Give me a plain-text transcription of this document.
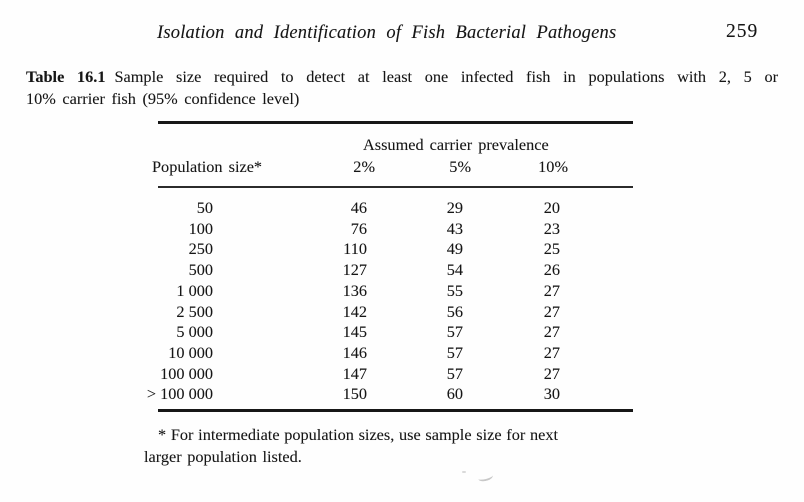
Isolation and Identification of Fish Bacterial Pathogens	259
Table 16.1 Sample size required to detect at least one infected fish in populations with 2, 5 or
10% carrier fish (95% confidence level)
Assumed carrier prevalence
Population size*	2%	5%	10%
50	46	29	20
100	76	43	23
250	110	49	25
500	127	54	26
1 000	136	55	27
2 500	142	56	27
5 000	145	57	27
10 000	146	57	27
100 000	147	57	27
> 100 000	150	60	30
* For intermediate population sizes, use sample size for next
larger population listed.
